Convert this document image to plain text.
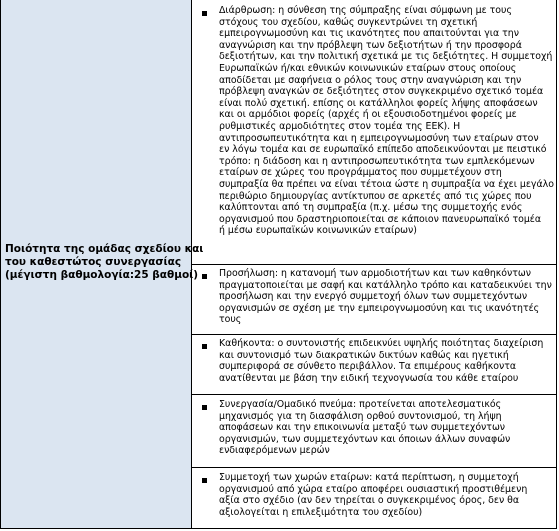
Ποιότητα της ομάδας σχεδίου και
του καθεστώτος συνεργασίας
(μέγιστη βαθμολογία:25 βαθμοί)
Διάρθρωση: η σύνθεση της σύμπραξης είναι σύμφωνη με τους
στόχους του σχεδίου, καθώς συγκεντρώνει τη σχετική
εμπειρογνωμοσύνη και τις ικανότητες που απαιτούνται για την
αναγνώριση και την πρόβλεψη των δεξιοτήτων ή την προσφορά
δεξιοτήτων, και την πολιτική σχετικά με τις δεξιότητες. Η συμμετοχή
Ευρωπαϊκών ή/και εθνικών κοινωνικών εταίρων στους οποίους
αποδίδεται με σαφήνεια ο ρόλος τους στην αναγνώριση και την
πρόβλεψη αναγκών σε δεξιότητες στον συγκεκριμένο σχετικό τομέα
είναι πολύ σχετική. επίσης οι κατάλληλοι φορείς λήψης αποφάσεων
και οι αρμόδιοι φορείς (αρχές ή οι εξουσιοδοτημένοι φορείς με
ρυθμιστικές αρμοδιότητες στον τομέα της ΕΕΚ). Η
αντιπροσωπευτικότητα και η εμπειρογνωμοσύνη των εταίρων στον
εν λόγω τομέα και σε ευρωπαϊκό επίπεδο αποδεικνύονται με πειστικό
τρόπο: η διάδοση και η αντιπροσωπευτικότητα των εμπλεκόμενων
εταίρων σε χώρες του προγράμματος που συμμετέχουν στη
συμπραξία θα πρέπει να είναι τέτοια ώστε η συμπραξία να έχει μεγάλο
περιθώριο δημιουργίας αντίκτυπου σε αρκετές από τις χώρες που
καλύπτονται από τη συμπραξία (π.χ. μέσω της συμμετοχής ενός
οργανισμού που δραστηριοποιείται σε κάποιον πανευρωπαϊκό τομέα
ή μέσω ευρωπαϊκών κοινωνικών εταίρων)
Προσήλωση: η κατανομή των αρμοδιοτήτων και των καθηκόντων
πραγματοποιείται με σαφή και κατάλληλο τρόπο και καταδεικνύει την
προσήλωση και την ενεργό συμμετοχή όλων των συμμετεχόντων
οργανισμών σε σχέση με την εμπειρογνωμοσύνη και τις ικανότητές
τους
Καθήκοντα: ο συντονιστής επιδεικνύει υψηλής ποιότητας διαχείριση
και συντονισμό των διακρατικών δικτύων καθώς και ηγετική
συμπεριφορά σε σύνθετο περιβάλλον. Τα επιμέρους καθήκοντα
ανατίθενται με βάση την ειδική τεχνογνωσία του κάθε εταίρου
Συνεργασία/Ομαδικό πνεύμα: προτείνεται αποτελεσματικός
μηχανισμός για τη διασφάλιση ορθού συντονισμού, τη λήψη
αποφάσεων και την επικοινωνία μεταξύ των συμμετεχόντων
οργανισμών, των συμμετεχόντων και όποιων άλλων συναφών
ενδιαφερόμενων μερών
Συμμετοχή των χωρών εταίρων: κατά περίπτωση, η συμμετοχή
οργανισμού από χώρα εταίρο αποφέρει ουσιαστική προστιθέμενη
αξία στο σχέδιο (αν δεν τηρείται ο συγκεκριμένος όρος, δεν θα
αξιολογείται η επιλεξιμότητα του σχεδίου)
